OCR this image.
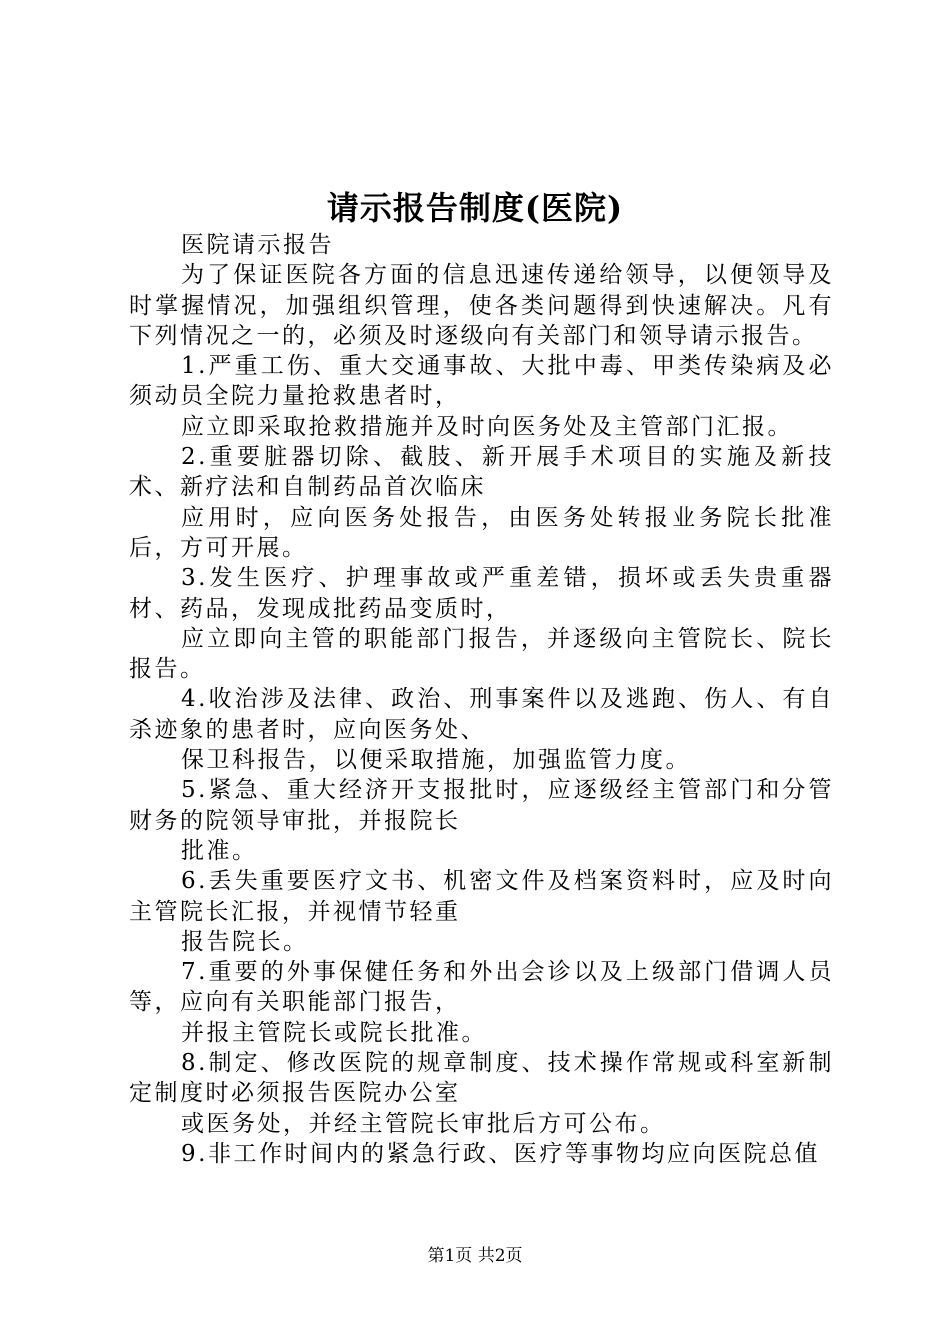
请示报告制度(医院)

医院请示报告

为了保证医院各方面的信息迅速传递给领导，以便领导及时掌握情况，加强组织管理，使各类问题得到快速解决。凡有下列情况之一的，必须及时逐级向有关部门和领导请示报告。

1.严重工伤、重大交通事故、大批中毒、甲类传染病及必须动员全院力量抢救患者时，

应立即采取抢救措施并及时向医务处及主管部门汇报。

2.重要脏器切除、截肢、新开展手术项目的实施及新技术、新疗法和自制药品首次临床

应用时，应向医务处报告，由医务处转报业务院长批准后，方可开展。

3.发生医疗、护理事故或严重差错，损坏或丢失贵重器材、药品，发现成批药品变质时，

应立即向主管的职能部门报告，并逐级向主管院长、院长报告。

4.收治涉及法律、政治、刑事案件以及逃跑、伤人、有自杀迹象的患者时，应向医务处、

保卫科报告，以便采取措施，加强监管力度。

5.紧急、重大经济开支报批时，应逐级经主管部门和分管财务的院领导审批，并报院长

批准。

6.丢失重要医疗文书、机密文件及档案资料时，应及时向主管院长汇报，并视情节轻重

报告院长。

7.重要的外事保健任务和外出会诊以及上级部门借调人员等，应向有关职能部门报告，

并报主管院长或院长批准。

8.制定、修改医院的规章制度、技术操作常规或科室新制定制度时必须报告医院办公室

或医务处，并经主管院长审批后方可公布。

9.非工作时间内的紧急行政、医疗等事物均应向医院总值

第1页 共2页
